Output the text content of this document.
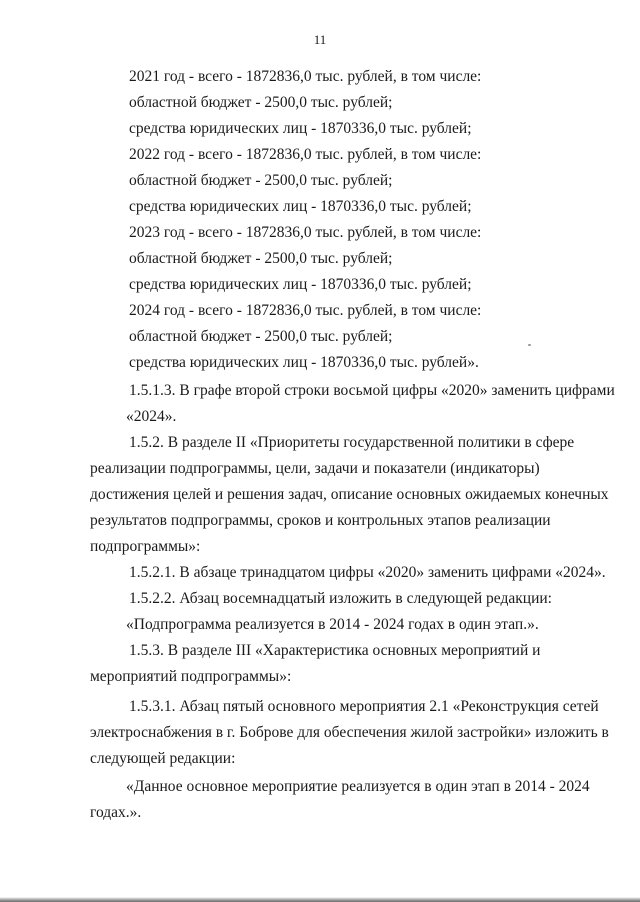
11
2021 год - всего - 1872836,0 тыс. рублей, в том числе:
областной бюджет - 2500,0 тыс. рублей;
средства юридических лиц - 1870336,0 тыс. рублей;
2022 год - всего - 1872836,0 тыс. рублей, в том числе:
областной бюджет - 2500,0 тыс. рублей;
средства юридических лиц - 1870336,0 тыс. рублей;
2023 год - всего - 1872836,0 тыс. рублей, в том числе:
областной бюджет - 2500,0 тыс. рублей;
средства юридических лиц - 1870336,0 тыс. рублей;
2024 год - всего - 1872836,0 тыс. рублей, в том числе:
областной бюджет - 2500,0 тыс. рублей;
средства юридических лиц - 1870336,0 тыс. рублей».
1.5.1.3. В графе второй строки восьмой цифры «2020» заменить цифрами
«2024».
1.5.2. В разделе II «Приоритеты государственной политики в сфере
реализации подпрограммы, цели, задачи и показатели (индикаторы)
достижения целей и решения задач, описание основных ожидаемых конечных
результатов подпрограммы, сроков и контрольных этапов реализации
подпрограммы»:
1.5.2.1. В абзаце тринадцатом цифры «2020» заменить цифрами «2024».
1.5.2.2. Абзац восемнадцатый изложить в следующей редакции:
«Подпрограмма реализуется в 2014 - 2024 годах в один этап.».
1.5.3. В разделе III «Характеристика основных мероприятий и
мероприятий подпрограммы»:
1.5.3.1. Абзац пятый основного мероприятия 2.1 «Реконструкция сетей
электроснабжения в г. Боброве для обеспечения жилой застройки» изложить в
следующей редакции:
«Данное основное мероприятие реализуется в один этап в 2014 - 2024
годах.».
